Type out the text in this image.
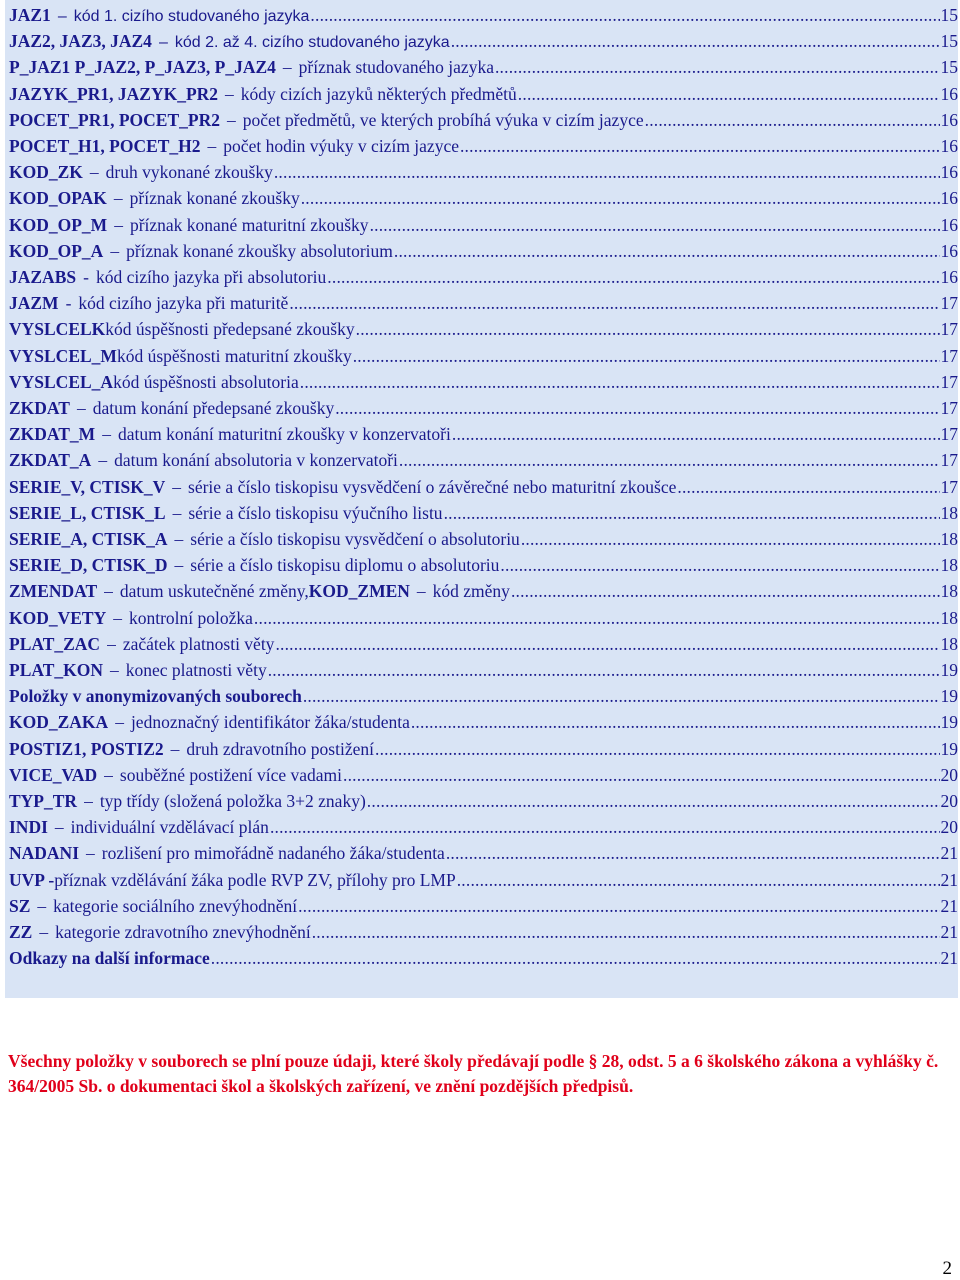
JAZ1 – kód 1. cizího studovaného jazyka .....	15
JAZ2, JAZ3, JAZ4 – kód 2. až 4. cizího studovaného jazyka .....	15
P_JAZ1 P_JAZ2, P_JAZ3, P_JAZ4 – příznak studovaného jazyka .....	15
JAZYK_PR1, JAZYK_PR2 – kódy cizích jazyků některých předmětů .....	16
POCET_PR1, POCET_PR2 – počet předmětů, ve kterých probíhá výuka v cizím jazyce .....	16
POCET_H1, POCET_H2 – počet hodin výuky v cizím jazyce .....	16
KOD_ZK – druh vykonané zkoušky .....	16
KOD_OPAK – příznak konané zkoušky .....	16
KOD_OP_M – příznak konané maturitní zkoušky .....	16
KOD_OP_A – příznak konané zkoušky absolutorium .....	16
JAZABS - kód cizího jazyka při absolutoriu .....	16
JAZM - kód cizího jazyka při maturitě .....	17
VYSLCELK kód úspěšnosti předepsané zkoušky .....	17
VYSLCEL_M kód úspěšnosti maturitní zkoušky .....	17
VYSLCEL_A kód úspěšnosti absolutoria .....	17
ZKDAT – datum konání předepsané zkoušky .....	17
ZKDAT_M – datum konání maturitní zkoušky v konzervatoři .....	17
ZKDAT_A – datum konání absolutoria v konzervatoři .....	17
SERIE_V, CTISK_V – série a číslo tiskopisu vysvědčení o závěrečné nebo maturitní zkoušce .....	17
SERIE_L, CTISK_L – série a číslo tiskopisu výučního listu .....	18
SERIE_A, CTISK_A – série a číslo tiskopisu vysvědčení o absolutoriu .....	18
SERIE_D, CTISK_D – série a číslo tiskopisu diplomu o absolutoriu .....	18
ZMENDAT – datum uskutečněné změny, KOD_ZMEN – kód změny .....	18
KOD_VETY – kontrolní položka .....	18
PLAT_ZAC – začátek platnosti věty .....	18
PLAT_KON – konec platnosti věty .....	19
Položky v anonymizovaných souborech .....	19
KOD_ZAKA – jednoznačný identifikátor žáka/studenta .....	19
POSTIZ1, POSTIZ2 – druh zdravotního postižení .....	19
VICE_VAD – souběžné postižení více vadami .....	20
TYP_TR – typ třídy (složená položka 3+2 znaky) .....	20
INDI – individuální vzdělávací plán .....	20
NADANI – rozlišení pro mimořádně nadaného žáka/studenta .....	21
UVP - příznak vzdělávání žáka podle RVP ZV, přílohy pro LMP .....	21
SZ – kategorie sociálního znevýhodnění .....	21
ZZ – kategorie zdravotního znevýhodnění .....	21
Odkazy na další informace .....	21
Všechny položky v souborech se plní pouze údaji, které školy předávají podle § 28, odst. 5 a 6 školského zákona a vyhlášky č. 364/2005 Sb. o dokumentaci škol a školských zařízení, ve znění pozdějších předpisů.
2
